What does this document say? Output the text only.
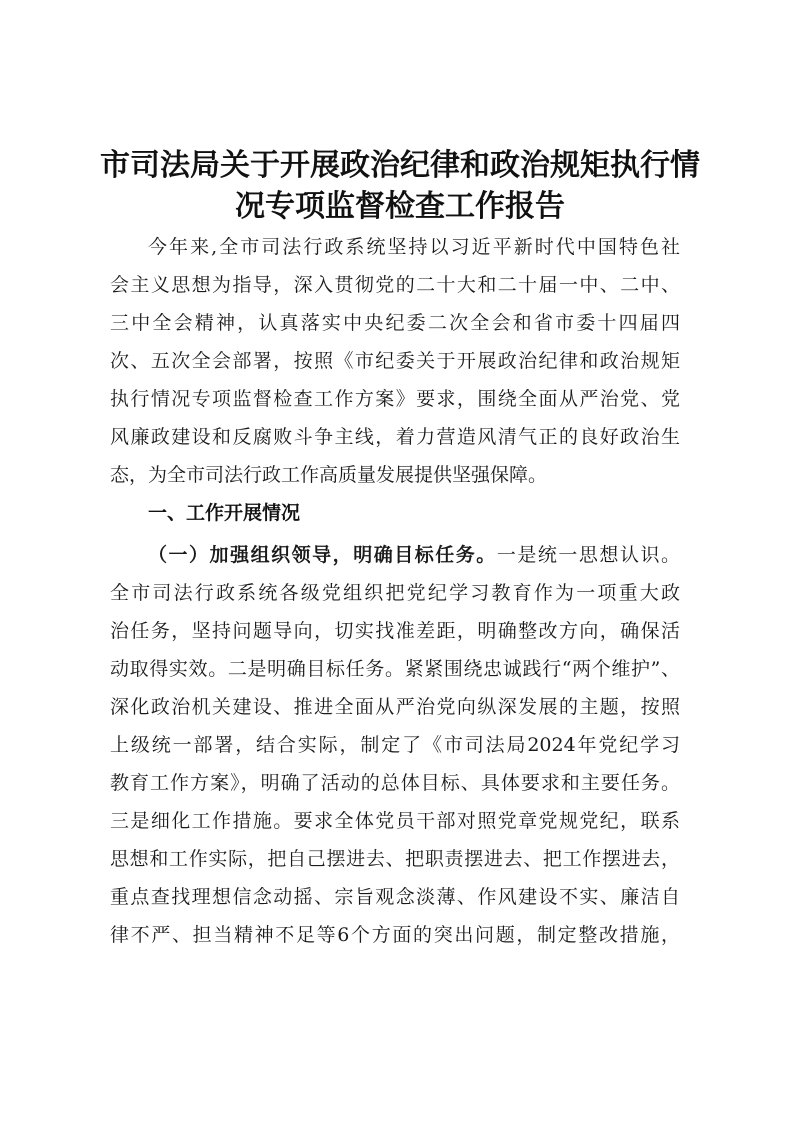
市司法局关于开展政治纪律和政治规矩执行情
况专项监督检查工作报告
今年来,全市司法行政系统坚持以习近平新时代中国特色社
会主义思想为指导，深入贯彻党的二十大和二十届一中、二中、
三中全会精神，认真落实中央纪委二次全会和省市委十四届四
次、五次全会部署，按照《市纪委关于开展政治纪律和政治规矩
执行情况专项监督检查工作方案》要求，围绕全面从严治党、党
风廉政建设和反腐败斗争主线，着力营造风清气正的良好政治生
态，为全市司法行政工作高质量发展提供坚强保障。
一、工作开展情况
（一）加强组织领导，明确目标任务。一是统一思想认识。
全市司法行政系统各级党组织把党纪学习教育作为一项重大政
治任务，坚持问题导向，切实找准差距，明确整改方向，确保活
动取得实效。二是明确目标任务。紧紧围绕忠诚践行“两个维护”、
深化政治机关建设、推进全面从严治党向纵深发展的主题，按照
上级统一部署，结合实际，制定了《市司法局2024年党纪学习
教育工作方案》，明确了活动的总体目标、具体要求和主要任务。
三是细化工作措施。要求全体党员干部对照党章党规党纪，联系
思想和工作实际，把自己摆进去、把职责摆进去、把工作摆进去，
重点查找理想信念动摇、宗旨观念淡薄、作风建设不实、廉洁自
律不严、担当精神不足等6个方面的突出问题，制定整改措施，
